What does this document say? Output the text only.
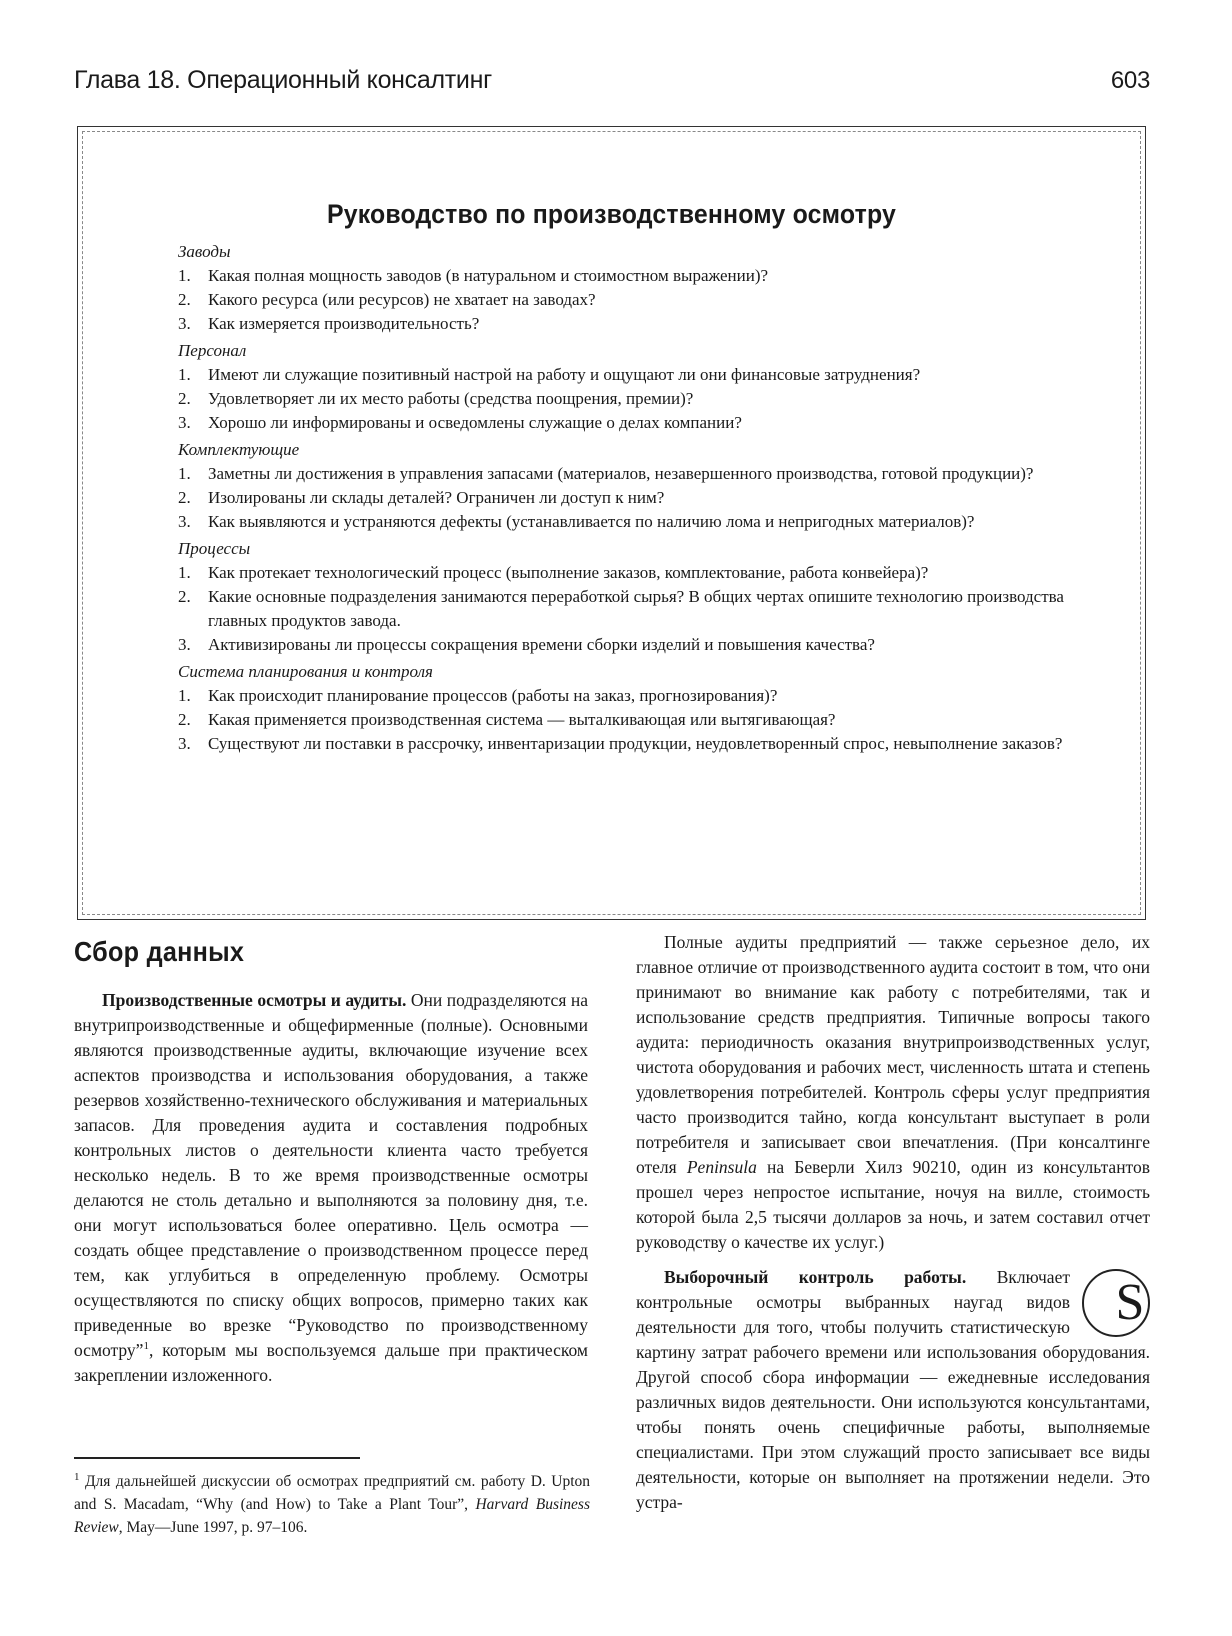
Глава 18. Операционный консалтинг	603
Руководство по производственному осмотру
Заводы
1. Какая полная мощность заводов (в натуральном и стоимостном выражении)?
2. Какого ресурса (или ресурсов) не хватает на заводах?
3. Как измеряется производительность?
Персонал
1. Имеют ли служащие позитивный настрой на работу и ощущают ли они финансовые затруднения?
2. Удовлетворяет ли их место работы (средства поощрения, премии)?
3. Хорошо ли информированы и осведомлены служащие о делах компании?
Комплектующие
1. Заметны ли достижения в управления запасами (материалов, незавершенного производства, готовой продукции)?
2. Изолированы ли склады деталей? Ограничен ли доступ к ним?
3. Как выявляются и устраняются дефекты (устанавливается по наличию лома и непригодных материалов)?
Процессы
1. Как протекает технологический процесс (выполнение заказов, комплектование, работа конвейера)?
2. Какие основные подразделения занимаются переработкой сырья? В общих чертах опишите технологию производства главных продуктов завода.
3. Активизированы ли процессы сокращения времени сборки изделий и повышения качества?
Система планирования и контроля
1. Как происходит планирование процессов (работы на заказ, прогнозирования)?
2. Какая применяется производственная система — выталкивающая или вытягивающая?
3. Существуют ли поставки в рассрочку, инвентаризации продукции, неудовлетворенный спрос, невыполнение заказов?
Сбор данных

Производственные осмотры и аудиты. Они подразделяются на внутрипроизводственные и общефирменные (полные). Основными являются производственные аудиты, включающие изучение всех аспектов производства и использования оборудования, а также резервов хозяйственно-технического обслуживания и материальных запасов. Для проведения аудита и составления подробных контрольных листов о деятельности клиента часто требуется несколько недель. В то же время производственные осмотры делаются не столь детально и выполняются за половину дня, т.е. они могут использоваться более оперативно. Цель осмотра — создать общее представление о производственном процессе перед тем, как углубиться в определенную проблему. Осмотры осуществляются по списку общих вопросов, примерно таких как приведенные во врезке “Руководство по производственному осмотру”$^1$, которым мы воспользуемся дальше при практическом закреплении изложенного.

Полные аудиты предприятий — также серьезное дело, их главное отличие от производственного аудита состоит в том, что они принимают во внимание как работу с потребителями, так и использование средств предприятия. Типичные вопросы такого аудита: периодичность оказания внутрипроизводственных услуг, чистота оборудования и рабочих мест, численность штата и степень удовлетворения потребителей. Контроль сферы услуг предприятия часто производится тайно, когда консультант выступает в роли потребителя и записывает свои впечатления. (При консалтинге отеля Peninsula на Беверли Хилз 90210, один из консультантов прошел через непростое испытание, ночуя на вилле, стоимость которой была 2,5 тысячи долларов за ночь, и затем составил отчет руководству о качестве их услуг.)

S
Выборочный контроль работы. Включает контрольные осмотры выбранных наугад видов деятельности для того, чтобы получить статистическую картину затрат рабочего времени или использования оборудования. Другой способ сбора информации — ежедневные исследования различных видов деятельности. Они используются консультантами, чтобы понять очень специфичные работы, выполняемые специалистами. При этом служащий просто записывает все виды деятельности, которые он выполняет на протяжении недели. Это устра-

$^1$ Для дальнейшей дискуссии об осмотрах предприятий см. работу D. Upton and S. Macadam, “Why (and How) to Take a Plant Tour”, Harvard Business Review, May—June 1997, p. 97–106.
